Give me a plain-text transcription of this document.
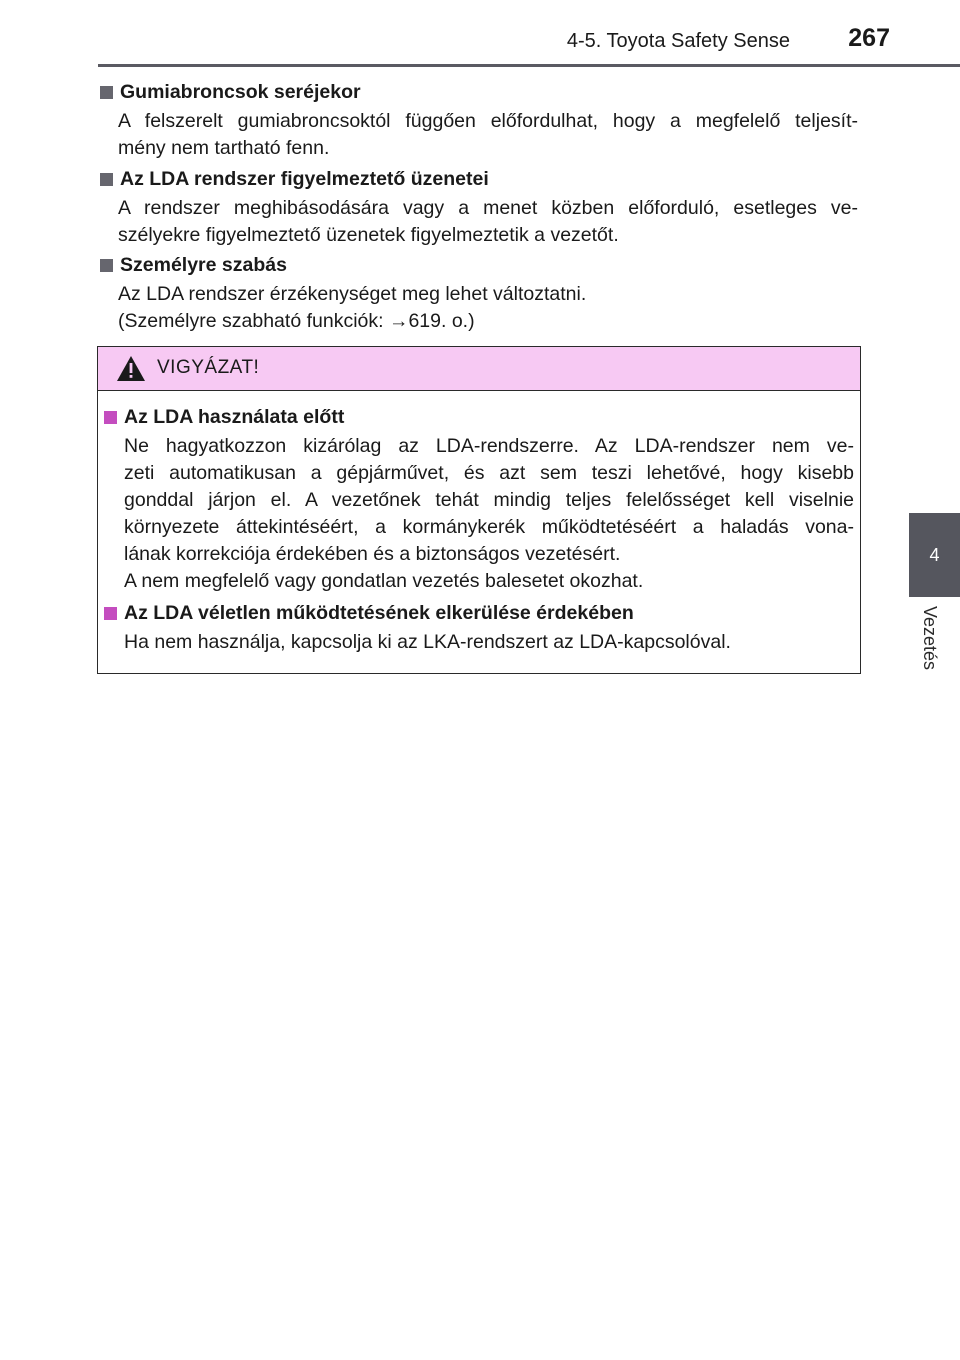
4-5. Toyota Safety Sense	267
4
Vezetés
Gumiabroncsok seréjekor
A felszerelt gumiabroncsoktól függően előfordulhat, hogy a megfelelő teljesít-
mény nem tartható fenn.
Az LDA rendszer figyelmeztető üzenetei
A rendszer meghibásodására vagy a menet közben előforduló, esetleges ve-
szélyekre figyelmeztető üzenetek figyelmeztetik a vezetőt.
Személyre szabás
Az LDA rendszer érzékenységet meg lehet változtatni.
(Személyre szabható funkciók: →619. o.)
VIGYÁZAT!
Az LDA használata előtt
Ne hagyatkozzon kizárólag az LDA-rendszerre. Az LDA-rendszer nem ve-
zeti automatikusan a gépjárművet, és azt sem teszi lehetővé, hogy kisebb
gonddal járjon el. A vezetőnek tehát mindig teljes felelősséget kell viselnie
környezete áttekintéséért, a kormánykerék működtetéséért a haladás vona-
lának korrekciója érdekében és a biztonságos vezetésért.
A nem megfelelő vagy gondatlan vezetés balesetet okozhat.
Az LDA véletlen működtetésének elkerülése érdekében
Ha nem használja, kapcsolja ki az LKA-rendszert az LDA-kapcsolóval.
